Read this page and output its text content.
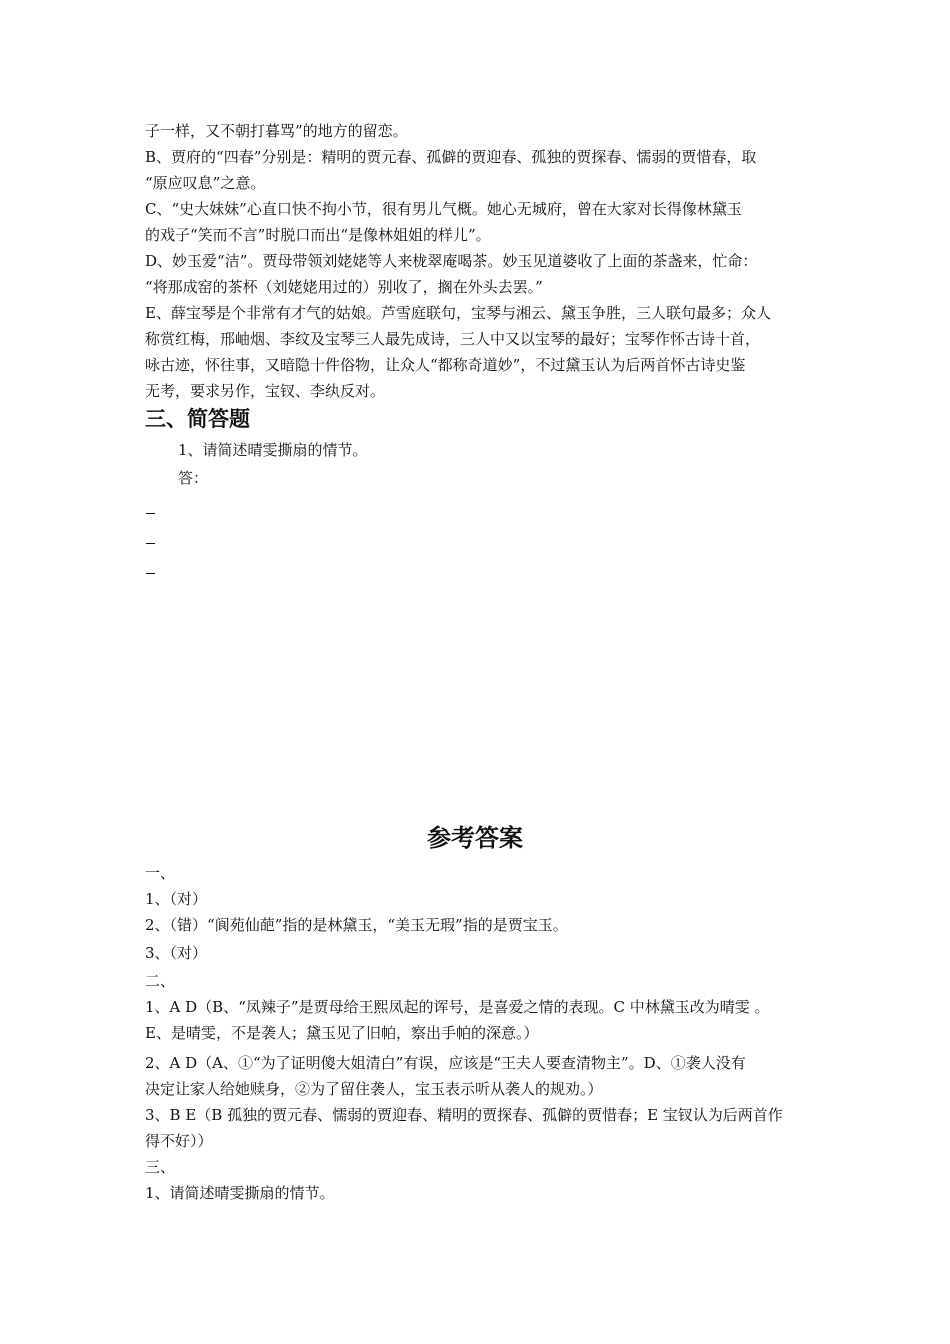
子一样，又不朝打暮骂”的地方的留恋。
B、贾府的“四春”分别是：精明的贾元春、孤僻的贾迎春、孤独的贾探春、懦弱的贾惜春，取
“原应叹息”之意。
C、“史大妹妹”心直口快不拘小节，很有男儿气概。她心无城府，曾在大家对长得像林黛玉
的戏子“笑而不言”时脱口而出“是像林姐姐的样儿”。
D、妙玉爱“洁”。贾母带领刘姥姥等人来栊翠庵喝茶。妙玉见道婆收了上面的茶盏来，忙命：
“将那成窑的茶杯（刘姥姥用过的）别收了，搁在外头去罢。”
E、薛宝琴是个非常有才气的姑娘。芦雪庭联句，宝琴与湘云、黛玉争胜，三人联句最多；众人
称赏红梅，邢岫烟、李纹及宝琴三人最先成诗，三人中又以宝琴的最好；宝琴作怀古诗十首，
咏古迹，怀往事，又暗隐十件俗物，让众人“都称奇道妙”，不过黛玉认为后两首怀古诗史鉴
无考，要求另作，宝钗、李纨反对。
三、简答题
1、请简述晴雯撕扇的情节。
答：
参考答案
一、
1、（对）
2、（错）“阆苑仙葩”指的是林黛玉，“美玉无瑕”指的是贾宝玉。
3、（对）
二、
1、A D（B、“凤辣子”是贾母给王熙凤起的诨号，是喜爱之情的表现。C 中林黛玉改为晴雯 。
E、是晴雯，不是袭人；黛玉见了旧帕，察出手帕的深意。）
2、A D（A、①“为了证明傻大姐清白”有误，应该是“王夫人要查清物主”。D、①袭人没有
决定让家人给她赎身，②为了留住袭人，宝玉表示听从袭人的规劝。）
3、B E（B 孤独的贾元春、懦弱的贾迎春、精明的贾探春、孤僻的贾惜春；E 宝钗认为后两首作
得不好））
三、
1、请简述晴雯撕扇的情节。
